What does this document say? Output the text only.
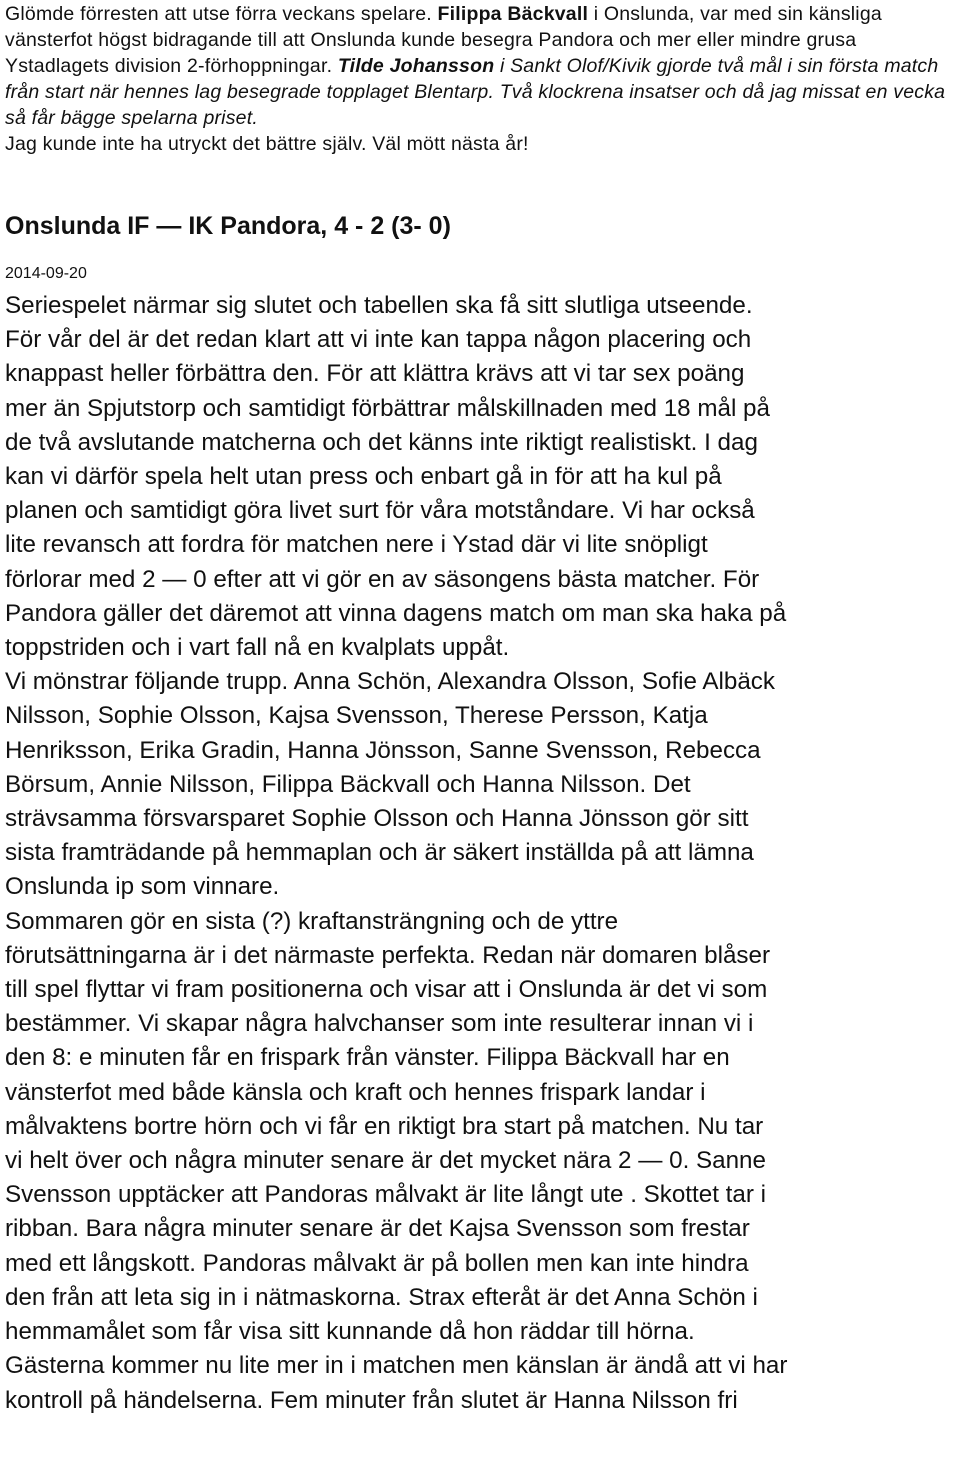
Glömde förresten att utse förra veckans spelare. Filippa Bäckvall i Onslunda, var med sin känsliga vänsterfot högst bidragande till att Onslunda kunde besegra Pandora och mer eller mindre grusa Ystadlagets division 2-förhoppningar. Tilde Johansson i Sankt Olof/Kivik gjorde två mål i sin första match från start när hennes lag besegrade topplaget Blentarp. Två klockrena insatser och då jag missat en vecka så får bägge spelarna priset.
Jag kunde inte ha utryckt det bättre själv. Väl mött nästa år!

Onslunda IF — IK Pandora, 4 - 2 (3- 0)
2014-09-20
Seriespelet närmar sig slutet och tabellen ska få sitt slutliga utseende.
För vår del är det redan klart att vi inte kan tappa någon placering och
knappast heller förbättra den. För att klättra krävs att vi tar sex poäng
mer än Spjutstorp och samtidigt förbättrar målskillnaden med 18 mål på
de två avslutande matcherna och det känns inte riktigt realistiskt. I dag
kan vi därför spela helt utan press och enbart gå in för att ha kul på
planen och samtidigt göra livet surt för våra motståndare. Vi har också
lite revansch att fordra för matchen nere i Ystad där vi lite snöpligt
förlorar med 2 — 0 efter att vi gör en av säsongens bästa matcher. För
Pandora gäller det däremot att vinna dagens match om man ska haka på
toppstriden och i vart fall nå en kvalplats uppåt.
Vi mönstrar följande trupp. Anna Schön, Alexandra Olsson, Sofie Albäck
Nilsson, Sophie Olsson, Kajsa Svensson, Therese Persson, Katja
Henriksson, Erika Gradin, Hanna Jönsson, Sanne Svensson, Rebecca
Börsum, Annie Nilsson, Filippa Bäckvall och Hanna Nilsson. Det
strävsamma försvarsparet Sophie Olsson och Hanna Jönsson gör sitt
sista framträdande på hemmaplan och är säkert inställda på att lämna
Onslunda ip som vinnare.
Sommaren gör en sista (?) kraftansträngning och de yttre
förutsättningarna är i det närmaste perfekta. Redan när domaren blåser
till spel flyttar vi fram positionerna och visar att i Onslunda är det vi som
bestämmer. Vi skapar några halvchanser som inte resulterar innan vi i
den 8: e minuten får en frispark från vänster. Filippa Bäckvall har en
vänsterfot med både känsla och kraft och hennes frispark landar i
målvaktens bortre hörn och vi får en riktigt bra start på matchen. Nu tar
vi helt över och några minuter senare är det mycket nära 2 — 0. Sanne
Svensson upptäcker att Pandoras målvakt är lite långt ute . Skottet tar i
ribban. Bara några minuter senare är det Kajsa Svensson som frestar
med ett långskott. Pandoras målvakt är på bollen men kan inte hindra
den från att leta sig in i nätmaskorna. Strax efteråt är det Anna Schön i
hemmamålet som får visa sitt kunnande då hon räddar till hörna.
Gästerna kommer nu lite mer in i matchen men känslan är ändå att vi har
kontroll på händelserna. Fem minuter från slutet är Hanna Nilsson fri
